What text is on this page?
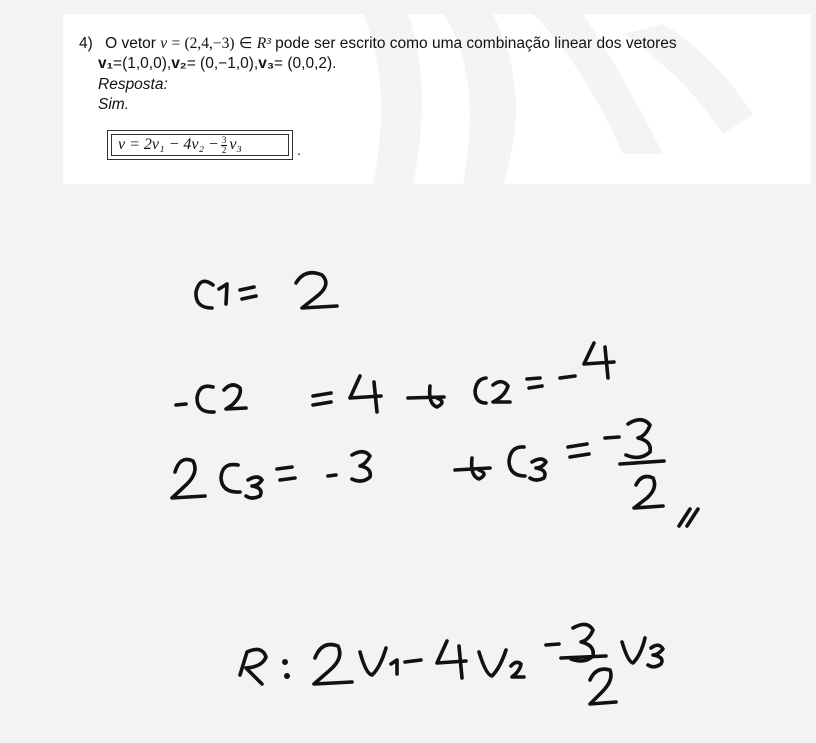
4) O vetor v = (2,4,−3) ∈ R³ pode ser escrito como uma combinação linear dos vetores
v₁=(1,0,0),v₂= (0,−1,0),v₃= (0,0,2).
Resposta:
Sim.
$v = 2v_1 - 4v_2 - \frac{3}{2} v_3$	.
